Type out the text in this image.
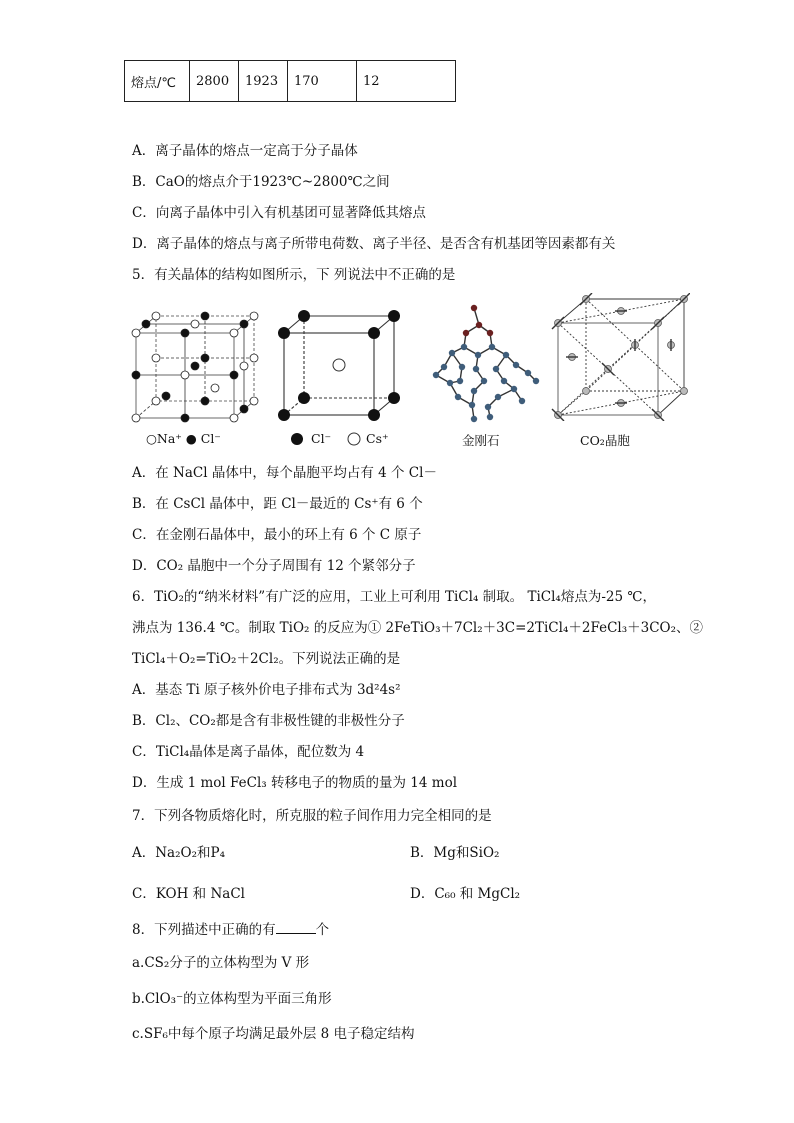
熔点/℃	2800	1923	170	12
A．离子晶体的熔点一定高于分子晶体
B．CaO的熔点介于1923℃~2800℃之间
C．向离子晶体中引入有机基团可显著降低其熔点
D．离子晶体的熔点与离子所带电荷数、离子半径、是否含有机基团等因素都有关
5．有关晶体的结构如图所示，下 列说法中不正确的是
○Na⁺ ● Cl⁻	Cl⁻	Cs⁺	金刚石	CO₂晶胞
A．在 NaCl 晶体中，每个晶胞平均占有 4 个 Cl－
B．在 CsCl 晶体中，距 Cl－最近的 Cs⁺有 6 个
C．在金刚石晶体中，最小的环上有 6 个 C 原子
D．CO₂ 晶胞中一个分子周围有 12 个紧邻分子
6．TiO₂的“纳米材料”有广泛的应用，工业上可利用 TiCl₄ 制取。 TiCl₄熔点为-25 ℃，
沸点为 136.4 ℃。制取 TiO₂ 的反应为① 2FeTiO₃＋7Cl₂＋3C=2TiCl₄＋2FeCl₃＋3CO₂、②
TiCl₄＋O₂=TiO₂＋2Cl₂。下列说法正确的是
A．基态 Ti 原子核外价电子排布式为 3d²4s²
B．Cl₂、CO₂都是含有非极性键的非极性分子
C．TiCl₄晶体是离子晶体，配位数为 4
D．生成 1 mol FeCl₃ 转移电子的物质的量为 14 mol
7．下列各物质熔化时，所克服的粒子间作用力完全相同的是
A．Na₂O₂和P₄	B．Mg和SiO₂
C．KOH 和 NaCl	D．C₆₀ 和 MgCl₂
8．下列描述中正确的有	个
a.CS₂分子的立体构型为 V 形
b.ClO₃⁻的立体构型为平面三角形
c.SF₆中每个原子均满足最外层 8 电子稳定结构
